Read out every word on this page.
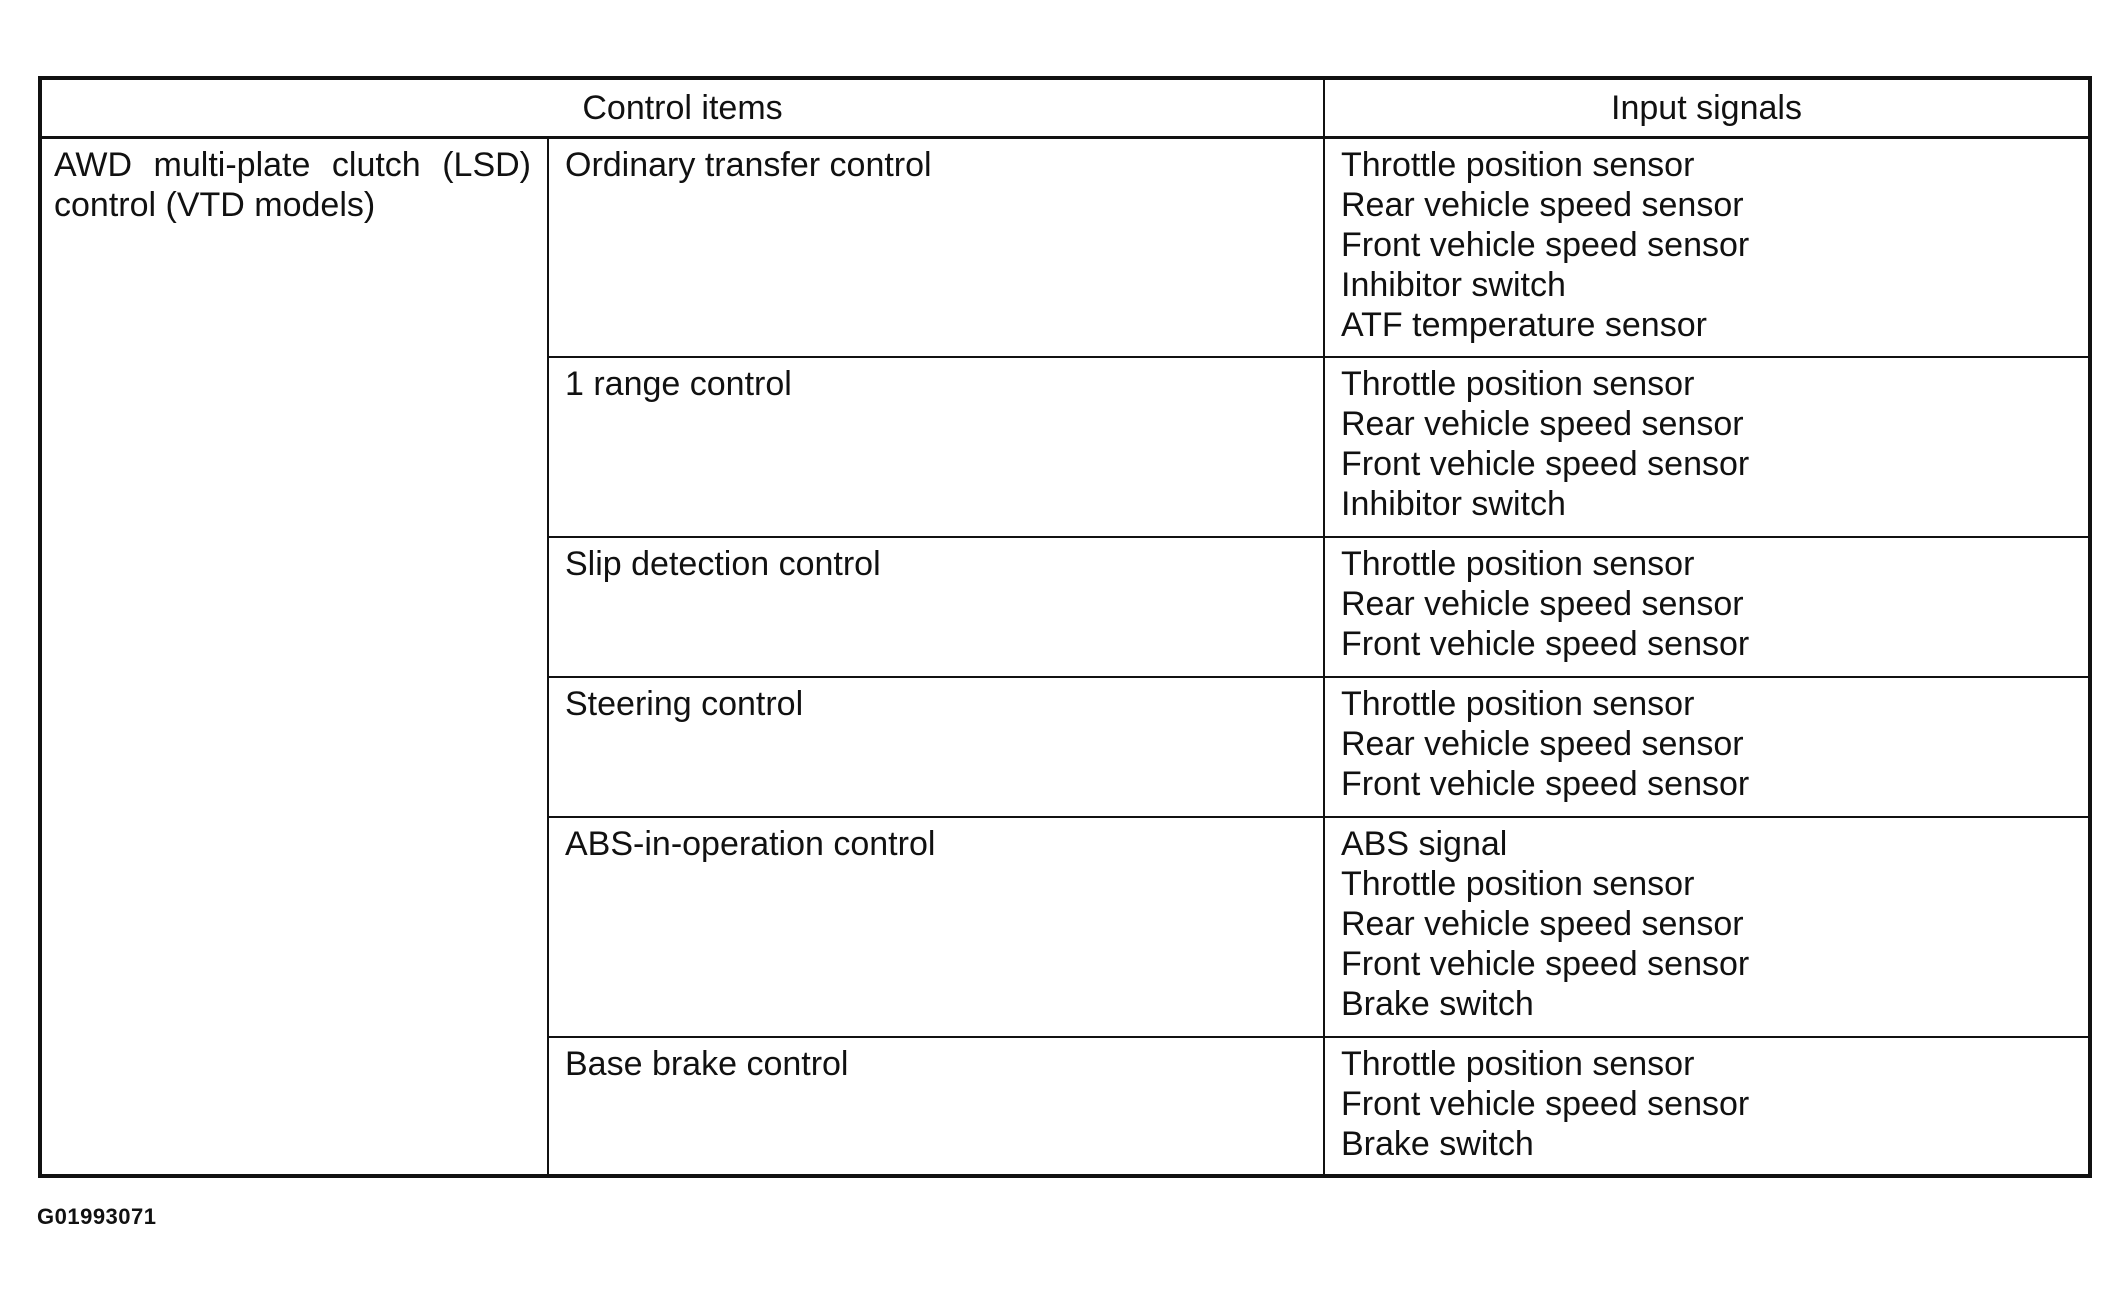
Control items		Input signals
AWD multi-plate clutch (LSD) control (VTD models)	Ordinary transfer control	Throttle position sensor
Rear vehicle speed sensor
Front vehicle speed sensor
Inhibitor switch
ATF temperature sensor

	1 range control	Throttle position sensor
Rear vehicle speed sensor
Front vehicle speed sensor
Inhibitor switch

	Slip detection control	Throttle position sensor
Rear vehicle speed sensor
Front vehicle speed sensor

	Steering control	Throttle position sensor
Rear vehicle speed sensor
Front vehicle speed sensor

	ABS-in-operation control	ABS signal
Throttle position sensor
Rear vehicle speed sensor
Front vehicle speed sensor
Brake switch

	Base brake control	Throttle position sensor
Front vehicle speed sensor
Brake switch
G01993071
